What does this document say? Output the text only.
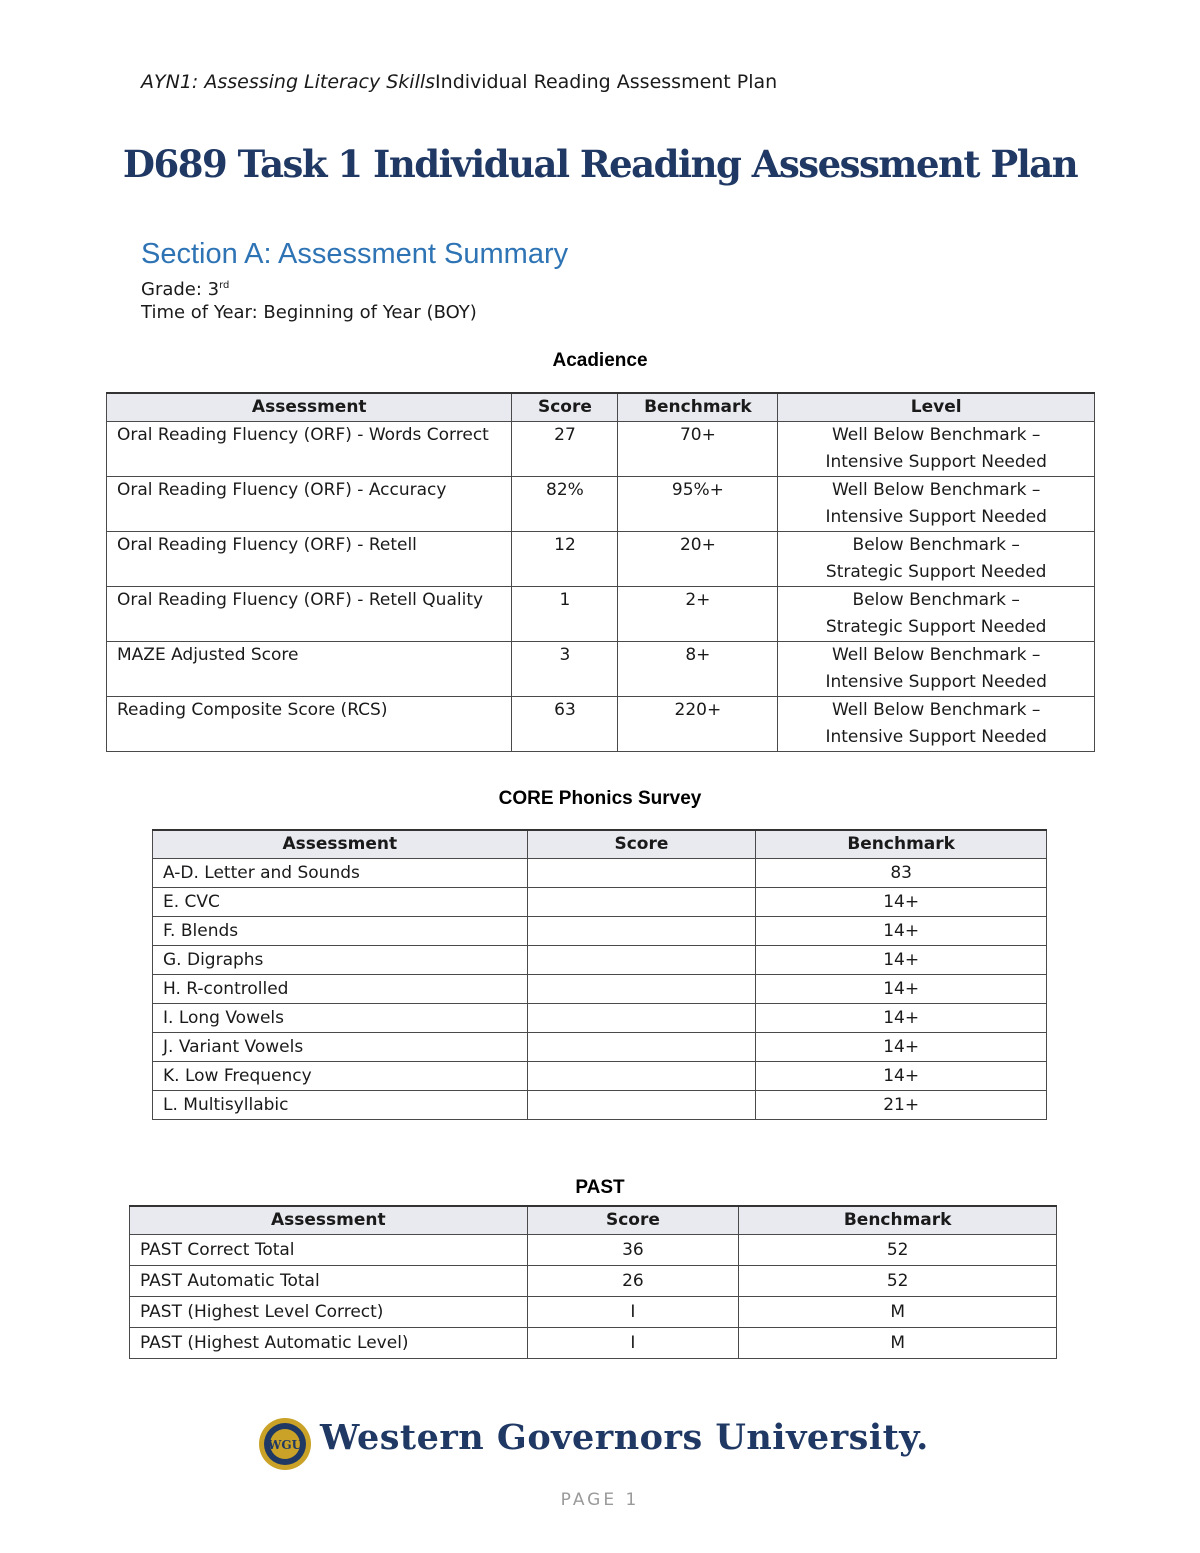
AYN1: Assessing Literacy SkillsIndividual Reading Assessment Plan
D689 Task 1 Individual Reading Assessment Plan
Section A: Assessment Summary
Grade: 3rd
Time of Year: Beginning of Year (BOY)
Acadience
Assessment	Score	Benchmark	Level
Oral Reading Fluency (ORF) - Words Correct	27	70+	Well Below Benchmark –
Intensive Support Needed

Oral Reading Fluency (ORF) - Accuracy	82%	95%+	Well Below Benchmark –
Intensive Support Needed

Oral Reading Fluency (ORF) - Retell	12	20+	Below Benchmark –
Strategic Support Needed

Oral Reading Fluency (ORF) - Retell Quality	1	2+	Below Benchmark –
Strategic Support Needed

MAZE Adjusted Score	3	8+	Well Below Benchmark –
Intensive Support Needed

Reading Composite Score (RCS)	63	220+	Well Below Benchmark –
Intensive Support Needed
CORE Phonics Survey
Assessment	Score	Benchmark
A-D. Letter and Sounds		83
E. CVC		14+
F. Blends		14+
G. Digraphs		14+
H. R-controlled		14+
I. Long Vowels		14+
J. Variant Vowels		14+
K. Low Frequency		14+
L. Multisyllabic		21+
PAST
Assessment	Score	Benchmark
PAST Correct Total	36	52
PAST Automatic Total	26	52
PAST (Highest Level Correct)	I	M
PAST (Highest Automatic Level)	I	M
WGU Western Governors University.
PAGE 1
